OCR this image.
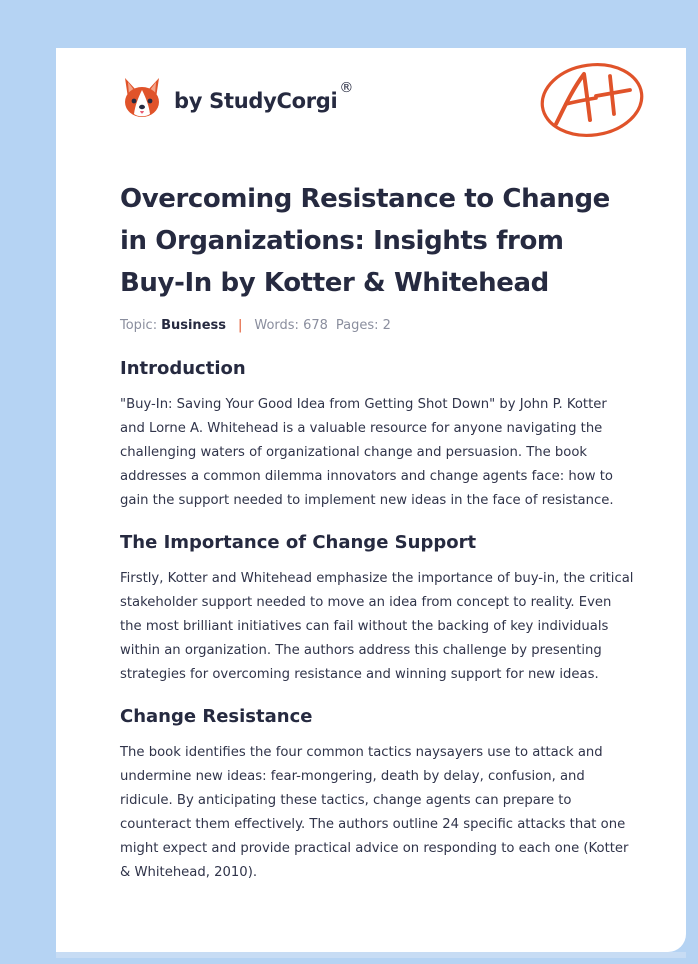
by StudyCorgi
®
A+
Overcoming Resistance to Change in Organizations: Insights from Buy-In by Kotter & Whitehead
Topic: Business | Words: 678 Pages: 2
Introduction

"Buy-In: Saving Your Good Idea from Getting Shot Down" by John P. Kotter and Lorne A. Whitehead is a valuable resource for anyone navigating the challenging waters of organizational change and persuasion. The book addresses a common dilemma innovators and change agents face: how to gain the support needed to implement new ideas in the face of resistance.

The Importance of Change Support

Firstly, Kotter and Whitehead emphasize the importance of buy-in, the critical stakeholder support needed to move an idea from concept to reality. Even the most brilliant initiatives can fail without the backing of key individuals within an organization. The authors address this challenge by presenting strategies for overcoming resistance and winning support for new ideas.

Change Resistance

The book identifies the four common tactics naysayers use to attack and undermine new ideas: fear-mongering, death by delay, confusion, and ridicule. By anticipating these tactics, change agents can prepare to counteract them effectively. The authors outline 24 specific attacks that one might expect and provide practical advice on responding to each one (Kotter & Whitehead, 2010).
